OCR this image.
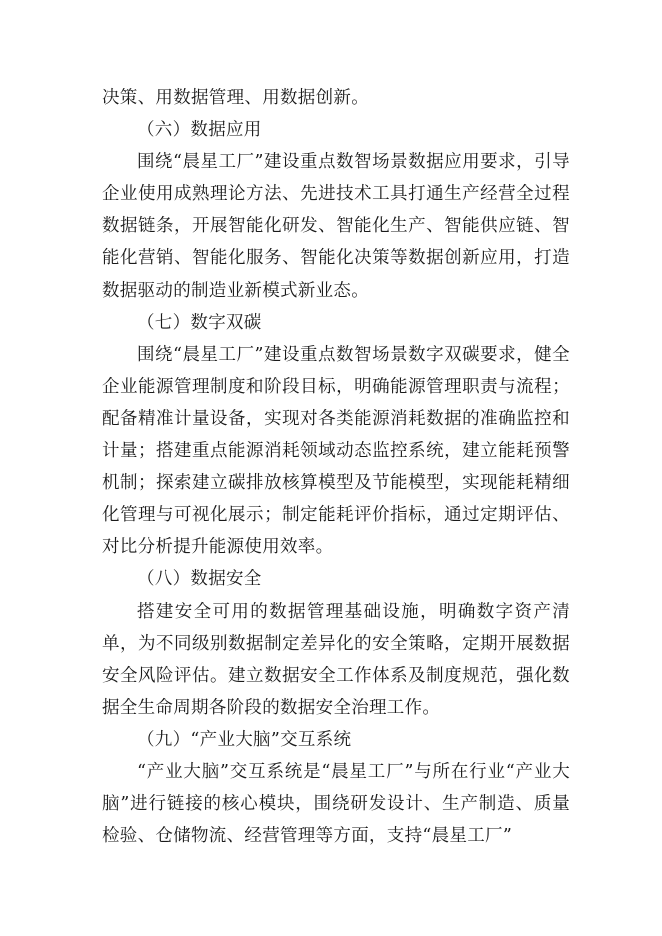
决策、用数据管理、用数据创新。

（六）数据应用

围绕“晨星工厂”建设重点数智场景数据应用要求，引导企业使用成熟理论方法、先进技术工具打通生产经营全过程数据链条，开展智能化研发、智能化生产、智能供应链、智能化营销、智能化服务、智能化决策等数据创新应用，打造数据驱动的制造业新模式新业态。

（七）数字双碳

围绕“晨星工厂”建设重点数智场景数字双碳要求，健全企业能源管理制度和阶段目标，明确能源管理职责与流程；配备精准计量设备，实现对各类能源消耗数据的准确监控和计量；搭建重点能源消耗领域动态监控系统，建立能耗预警机制；探索建立碳排放核算模型及节能模型，实现能耗精细化管理与可视化展示；制定能耗评价指标，通过定期评估、对比分析提升能源使用效率。

（八）数据安全

搭建安全可用的数据管理基础设施，明确数字资产清单，为不同级别数据制定差异化的安全策略，定期开展数据安全风险评估。建立数据安全工作体系及制度规范，强化数据全生命周期各阶段的数据安全治理工作。

（九）“产业大脑”交互系统

“产业大脑”交互系统是“晨星工厂”与所在行业“产业大脑”进行链接的核心模块，围绕研发设计、生产制造、质量检验、仓储物流、经营管理等方面，支持“晨星工厂”
